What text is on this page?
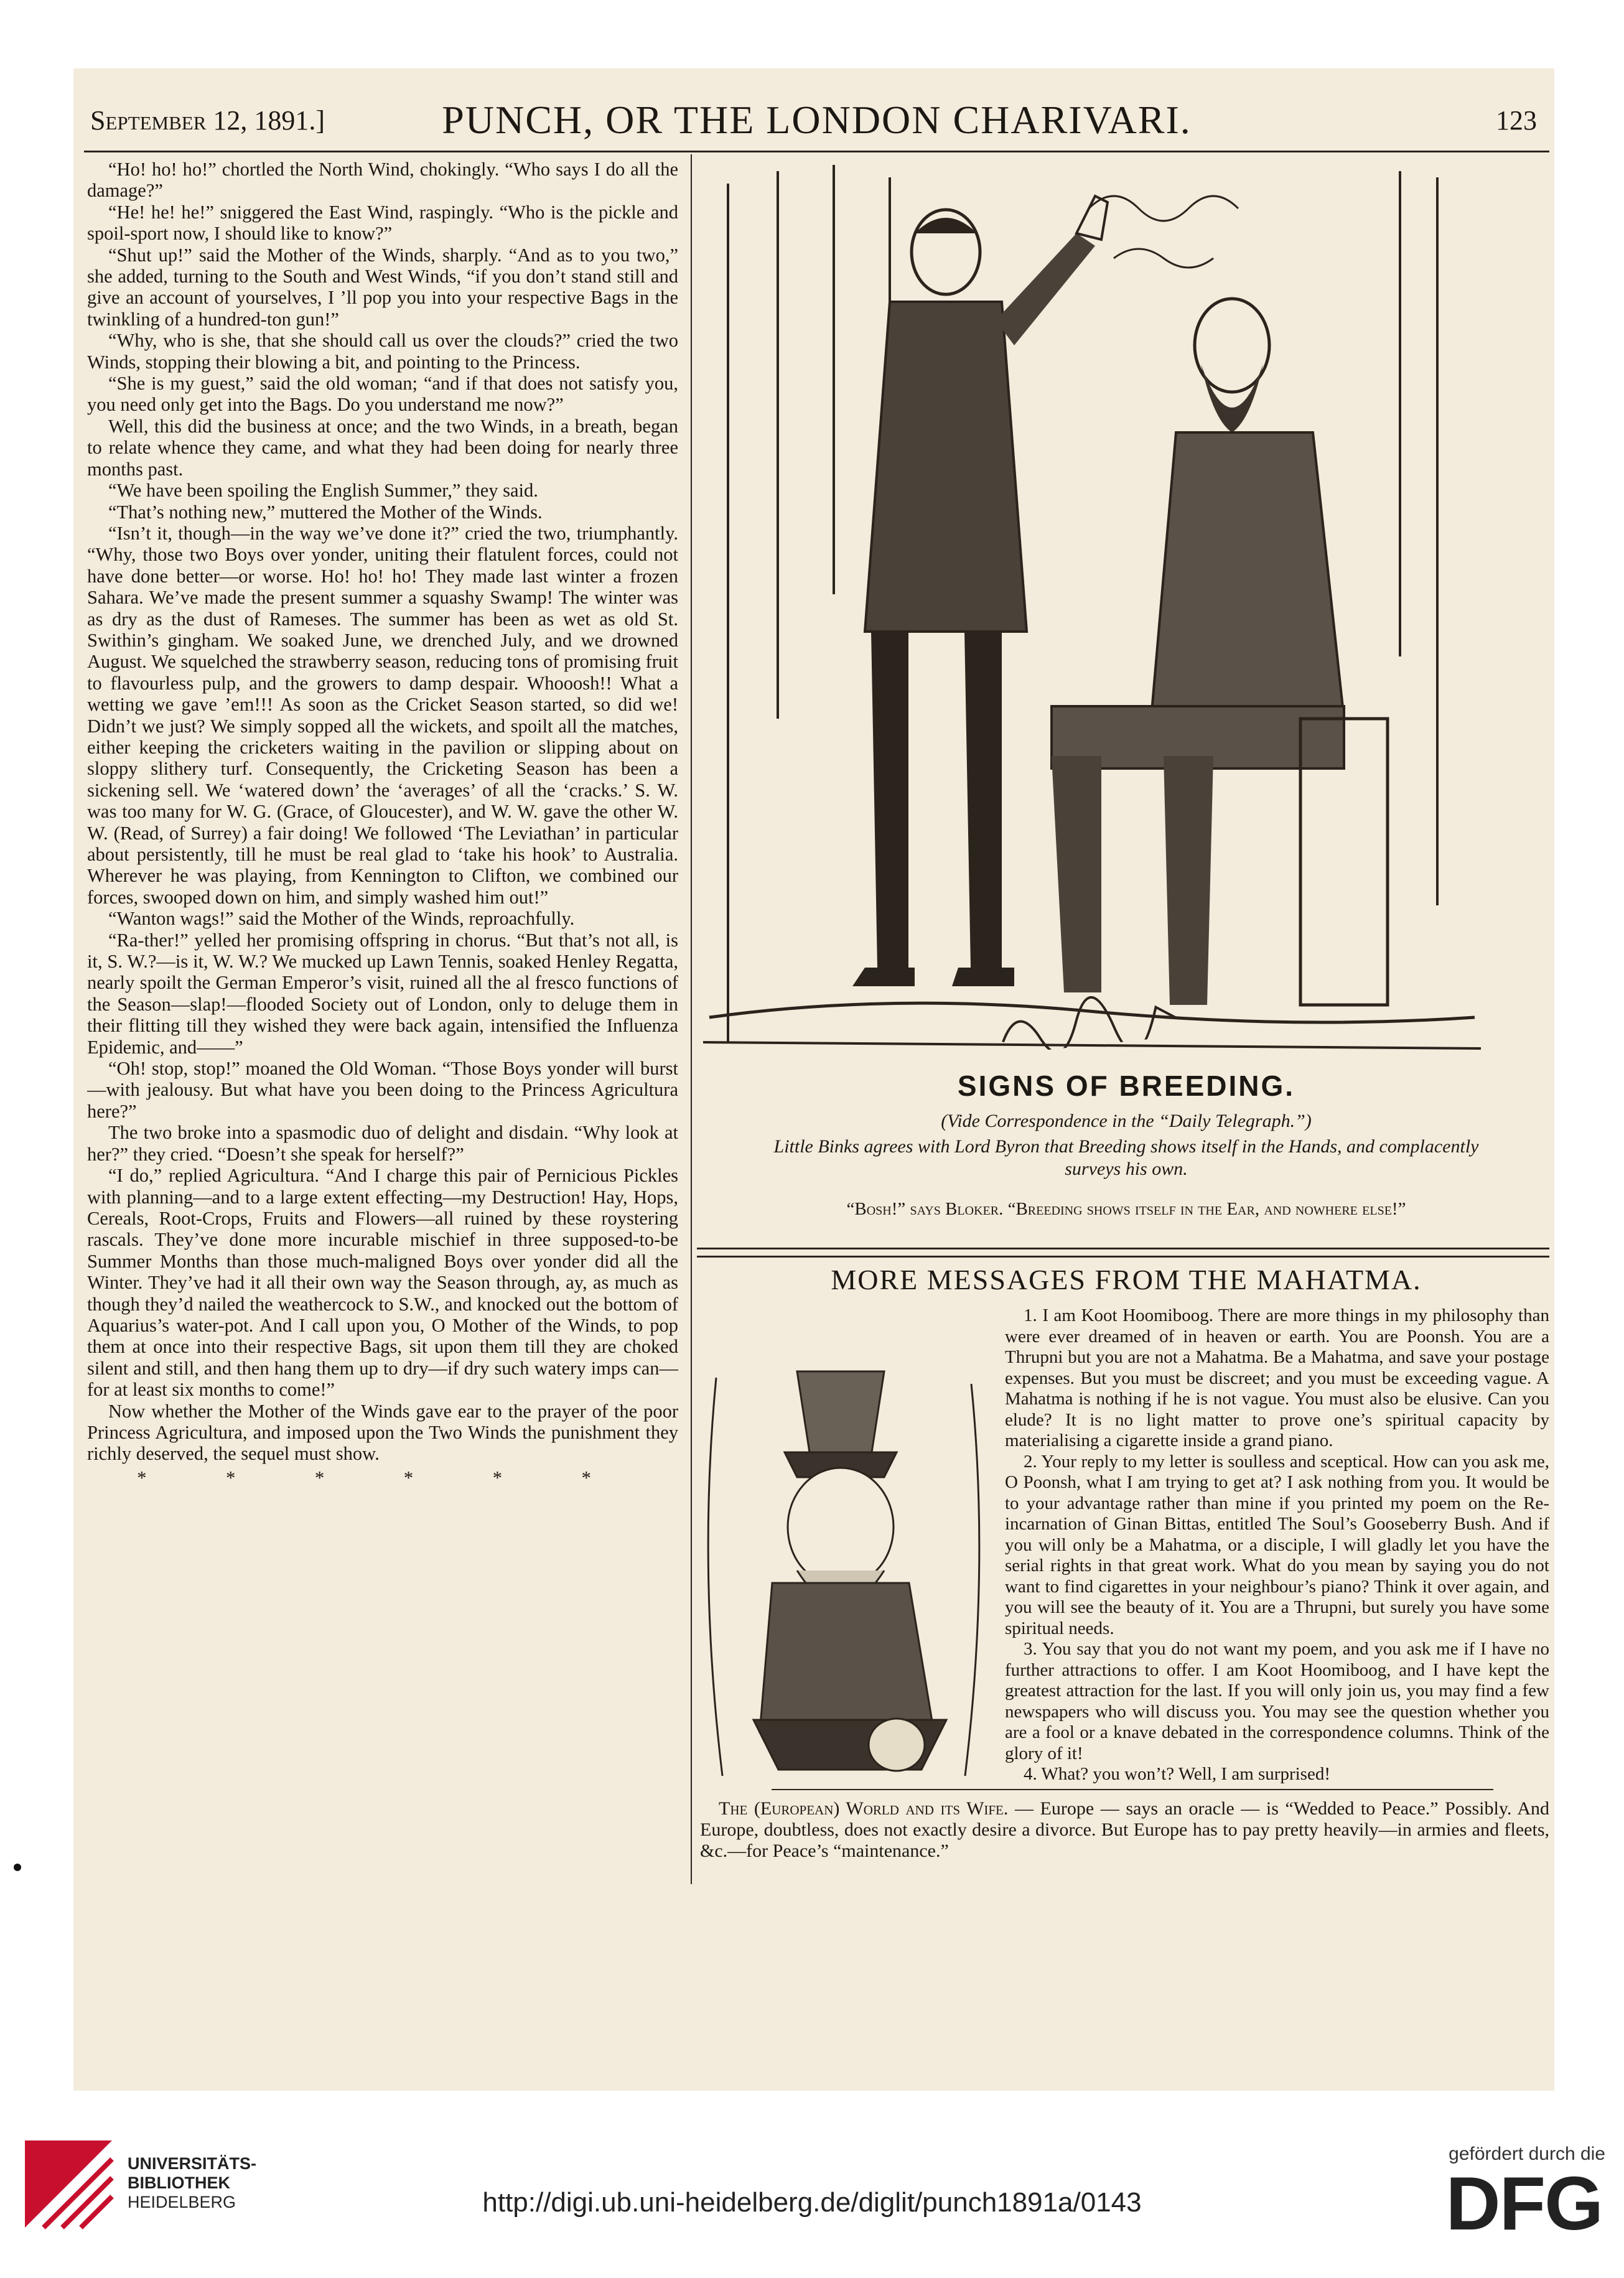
September 12, 1891.]	PUNCH, OR THE LONDON CHARIVARI.	123

“Ho! ho! ho!” chortled the North Wind, chokingly. “Who says I do all the damage?”

“He! he! he!” sniggered the East Wind, raspingly. “Who is the pickle and spoil-sport now, I should like to know?”

“Shut up!” said the Mother of the Winds, sharply. “And as to you two,” she added, turning to the South and West Winds, “if you don’t stand still and give an account of yourselves, I ’ll pop you into your respective Bags in the twinkling of a hundred-ton gun!”

“Why, who is she, that she should call us over the clouds?” cried the two Winds, stopping their blowing a bit, and pointing to the Princess.

“She is my guest,” said the old woman; “and if that does not satisfy you, you need only get into the Bags. Do you understand me now?”

Well, this did the business at once; and the two Winds, in a breath, began to relate whence they came, and what they had been doing for nearly three months past.

“We have been spoiling the English Summer,” they said.

“That’s nothing new,” muttered the Mother of the Winds.

“Isn’t it, though—in the way we’ve done it?” cried the two, triumphantly. “Why, those two Boys over yonder, uniting their flatulent forces, could not have done better—or worse. Ho! ho! ho! They made last winter a frozen Sahara. We’ve made the present summer a squashy Swamp! The winter was as dry as the dust of Rameses. The summer has been as wet as old St. Swithin’s gingham. We soaked June, we drenched July, and we drowned August. We squelched the strawberry season, reducing tons of promising fruit to flavourless pulp, and the growers to damp despair. Whooosh!! What a wetting we gave ’em!!! As soon as the Cricket Season started, so did we! Didn’t we just? We simply sopped all the wickets, and spoilt all the matches, either keeping the cricketers waiting in the pavilion or slipping about on sloppy slithery turf. Consequently, the Cricketing Season has been a sickening sell. We ‘watered down’ the ‘averages’ of all the ‘cracks.’ S. W. was too many for W. G. (Grace, of Gloucester), and W. W. gave the other W. W. (Read, of Surrey) a fair doing! We followed ‘The Leviathan’ in particular about persistently, till he must be real glad to ‘take his hook’ to Australia. Wherever he was playing, from Kennington to Clifton, we combined our forces, swooped down on him, and simply washed him out!”

“Wanton wags!” said the Mother of the Winds, reproachfully.

“Ra-ther!” yelled her promising offspring in chorus. “But that’s not all, is it, S. W.?—is it, W. W.? We mucked up Lawn Tennis, soaked Henley Regatta, nearly spoilt the German Emperor’s visit, ruined all the al fresco functions of the Season—slap!—flooded Society out of London, only to deluge them in their flitting till they wished they were back again, intensified the Influenza Epidemic, and——”

“Oh! stop, stop!” moaned the Old Woman. “Those Boys yonder will burst—with jealousy. But what have you been doing to the Princess Agricultura here?”

The two broke into a spasmodic duo of delight and disdain. “Why look at her?” they cried. “Doesn’t she speak for herself?”

“I do,” replied Agricultura. “And I charge this pair of Pernicious Pickles with planning—and to a large extent effecting—my Destruction! Hay, Hops, Cereals, Root-Crops, Fruits and Flowers—all ruined by these roystering rascals. They’ve done more incurable mischief in three supposed-to-be Summer Months than those much-maligned Boys over yonder did all the Winter. They’ve had it all their own way the Season through, ay, as much as though they’d nailed the weathercock to S.W., and knocked out the bottom of Aquarius’s water-pot. And I call upon you, O Mother of the Winds, to pop them at once into their respective Bags, sit upon them till they are choked silent and still, and then hang them up to dry—if dry such watery imps can—for at least six months to come!”

Now whether the Mother of the Winds gave ear to the prayer of the poor Princess Agricultura, and imposed upon the Two Winds the punishment they richly deserved, the sequel must show.

* * * * * *
SIGNS OF BREEDING.
(Vide Correspondence in the “Daily Telegraph.”)
Little Binks agrees with Lord Byron that Breeding shows itself in the Hands, and complacently surveys his own.
“Bosh!” says Bloker. “Breeding shows itself in the Ear, and nowhere else!”
MORE MESSAGES FROM THE MAHATMA.

1. I am Koot Hoomiboog. There are more things in my philosophy than were ever dreamed of in heaven or earth. You are Poonsh. You are a Thrupni but you are not a Mahatma. Be a Mahatma, and save your postage expenses. But you must be discreet; and you must be exceeding vague. A Mahatma is nothing if he is not vague. You must also be elusive. Can you elude? It is no light matter to prove one’s spiritual capacity by materialising a cigarette inside a grand piano.

2. Your reply to my letter is soulless and sceptical. How can you ask me, O Poonsh, what I am trying to get at? I ask nothing from you. It would be to your advantage rather than mine if you printed my poem on the Re-incarnation of Ginan Bittas, entitled The Soul’s Gooseberry Bush. And if you will only be a Mahatma, or a disciple, I will gladly let you have the serial rights in that great work. What do you mean by saying you do not want to find cigarettes in your neighbour’s piano? Think it over again, and you will see the beauty of it. You are a Thrupni, but surely you have some spiritual needs.

3. You say that you do not want my poem, and you ask me if I have no further attractions to offer. I am Koot Hoomiboog, and I have kept the greatest attraction for the last. If you will only join us, you may find a few newspapers who will discuss you. You may see the question whether you are a fool or a knave debated in the correspondence columns. Think of the glory of it!

4. What? you won’t? Well, I am surprised!

The (European) World and its Wife. — Europe — says an oracle — is “Wedded to Peace.” Possibly. And Europe, doubtless, does not exactly desire a divorce. But Europe has to pay pretty heavily—in armies and fleets, &c.—for Peace’s “maintenance.”
UNIVERSITÄTS-
BIBLIOTHEK
HEIDELBERG	http://digi.ub.uni-heidelberg.de/diglit/punch1891a/0143
gefördert durch die
DFG
